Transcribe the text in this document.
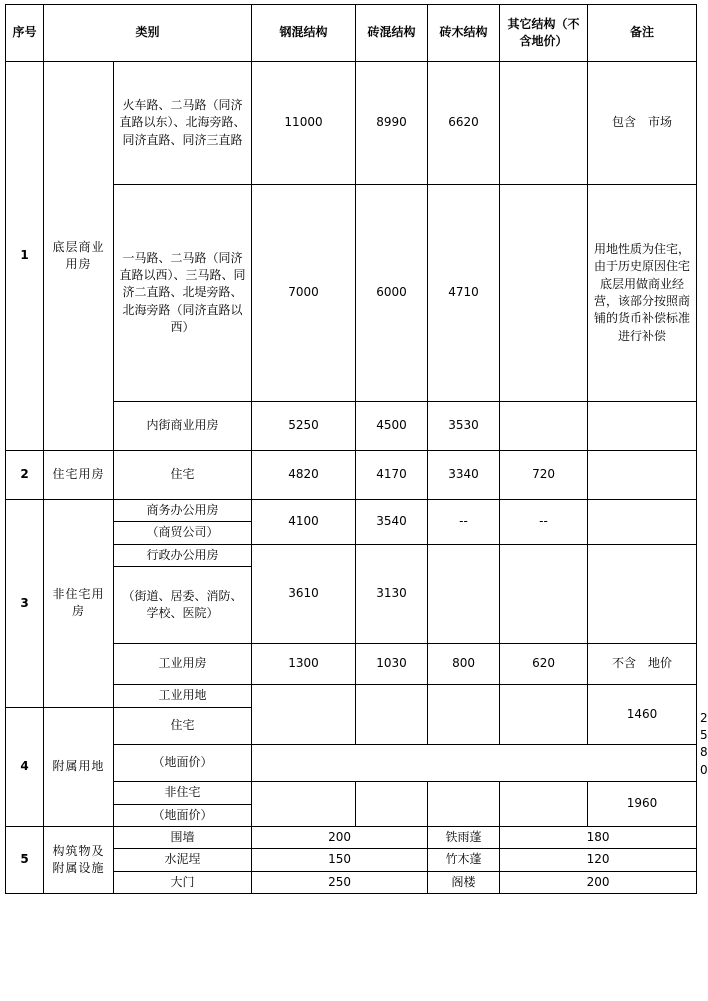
序号	类别		钢混结构	砖混结构	砖木结构	其它结构（不含地价）	备注	
1	底层商业用房	火车路、二马路（同济直路以东）、北海旁路、同济直路、同济三直路	11000	8990	6620		包含　市场	
		一马路、二马路（同济直路以西）、三马路、同济二直路、北堤旁路、北海旁路（同济直路以西）	7000	6000	4710		用地性质为住宅，由于历史原因住宅底层用做商业经营，该部分按照商铺的货币补偿标准进行补偿	
		内街商业用房	5250	4500	3530			
2	住宅用房	住宅	4820	4170	3340	720		
3	非住宅用房	商务办公用房	4100	3540	--	--		
		（商贸公司）						
		行政办公用房	3610	3130				
		（街道、居委、消防、学校、医院）						
		工业用房	1300	1030	800	620	不含　地价	
		工业用地					1460	
4	附属用地	住宅						2580
		（地面价）						
		非住宅					1960	
		（地面价）						
5	构筑物及附属设施	围墙	200		铁雨蓬	180		
		水泥埕	150		竹木蓬	120		
		大门	250		阁楼	200		
